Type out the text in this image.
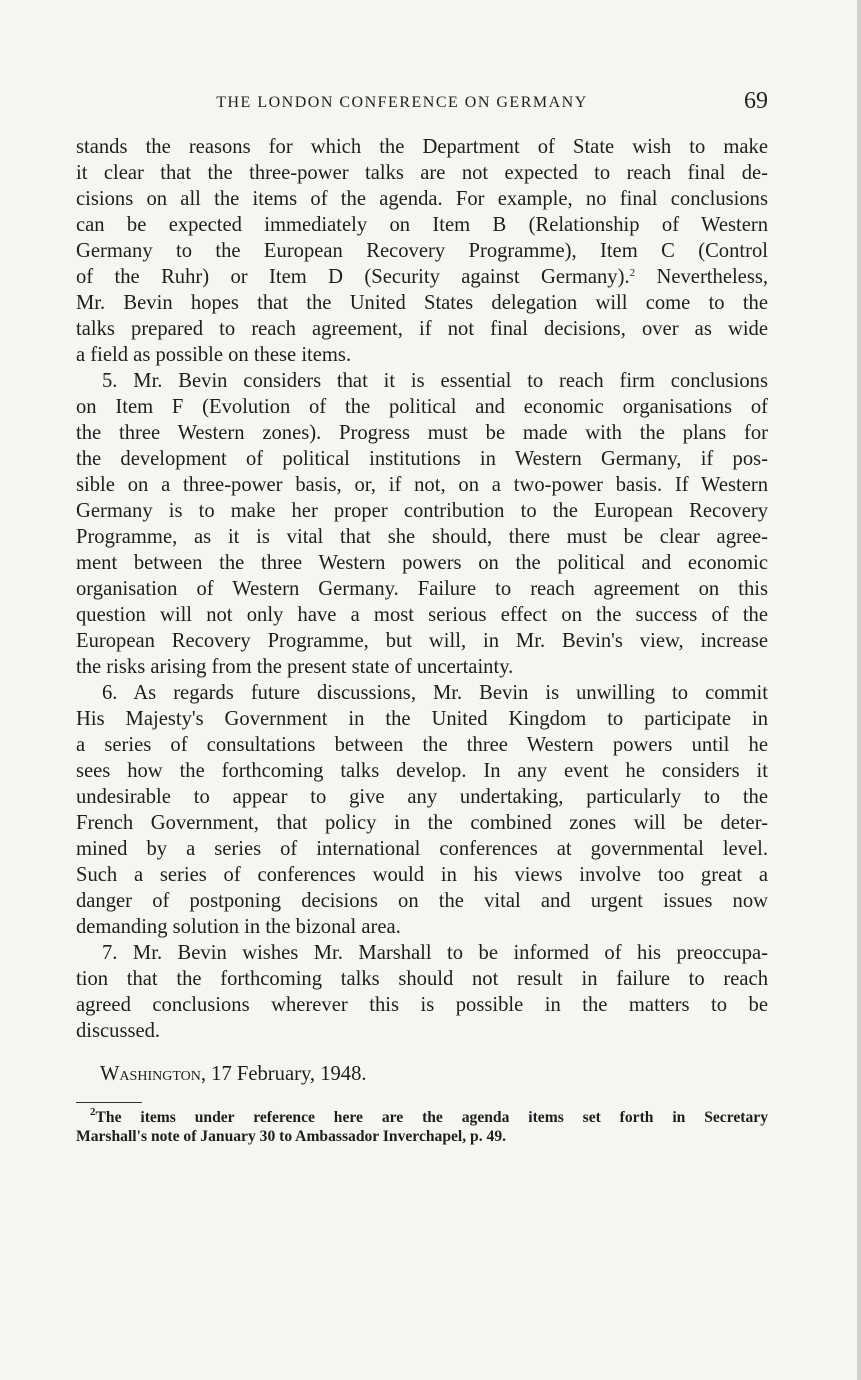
THE LONDON CONFERENCE ON GERMANY	69
stands the reasons for which the Department of State wish to make
it clear that the three-power talks are not expected to reach final de-
cisions on all the items of the agenda. For example, no final conclusions
can be expected immediately on Item B (Relationship of Western
Germany to the European Recovery Programme), Item C (Control
of the Ruhr) or Item D (Security against Germany).$^2$ Nevertheless,
Mr. Bevin hopes that the United States delegation will come to the
talks prepared to reach agreement, if not final decisions, over as wide
a field as possible on these items.
5. Mr. Bevin considers that it is essential to reach firm conclusions
on Item F (Evolution of the political and economic organisations of
the three Western zones). Progress must be made with the plans for
the development of political institutions in Western Germany, if pos-
sible on a three-power basis, or, if not, on a two-power basis. If Western
Germany is to make her proper contribution to the European Recovery
Programme, as it is vital that she should, there must be clear agree-
ment between the three Western powers on the political and economic
organisation of Western Germany. Failure to reach agreement on this
question will not only have a most serious effect on the success of the
European Recovery Programme, but will, in Mr. Bevin's view, increase
the risks arising from the present state of uncertainty.
6. As regards future discussions, Mr. Bevin is unwilling to commit
His Majesty's Government in the United Kingdom to participate in
a series of consultations between the three Western powers until he
sees how the forthcoming talks develop. In any event he considers it
undesirable to appear to give any undertaking, particularly to the
French Government, that policy in the combined zones will be deter-
mined by a series of international conferences at governmental level.
Such a series of conferences would in his views involve too great a
danger of postponing decisions on the vital and urgent issues now
demanding solution in the bizonal area.
7. Mr. Bevin wishes Mr. Marshall to be informed of his preoccupa-
tion that the forthcoming talks should not result in failure to reach
agreed conclusions wherever this is possible in the matters to be
discussed.
Washington, 17 February, 1948.
$^2$The items under reference here are the agenda items set forth in Secretary
Marshall's note of January 30 to Ambassador Inverchapel, p. 49.
